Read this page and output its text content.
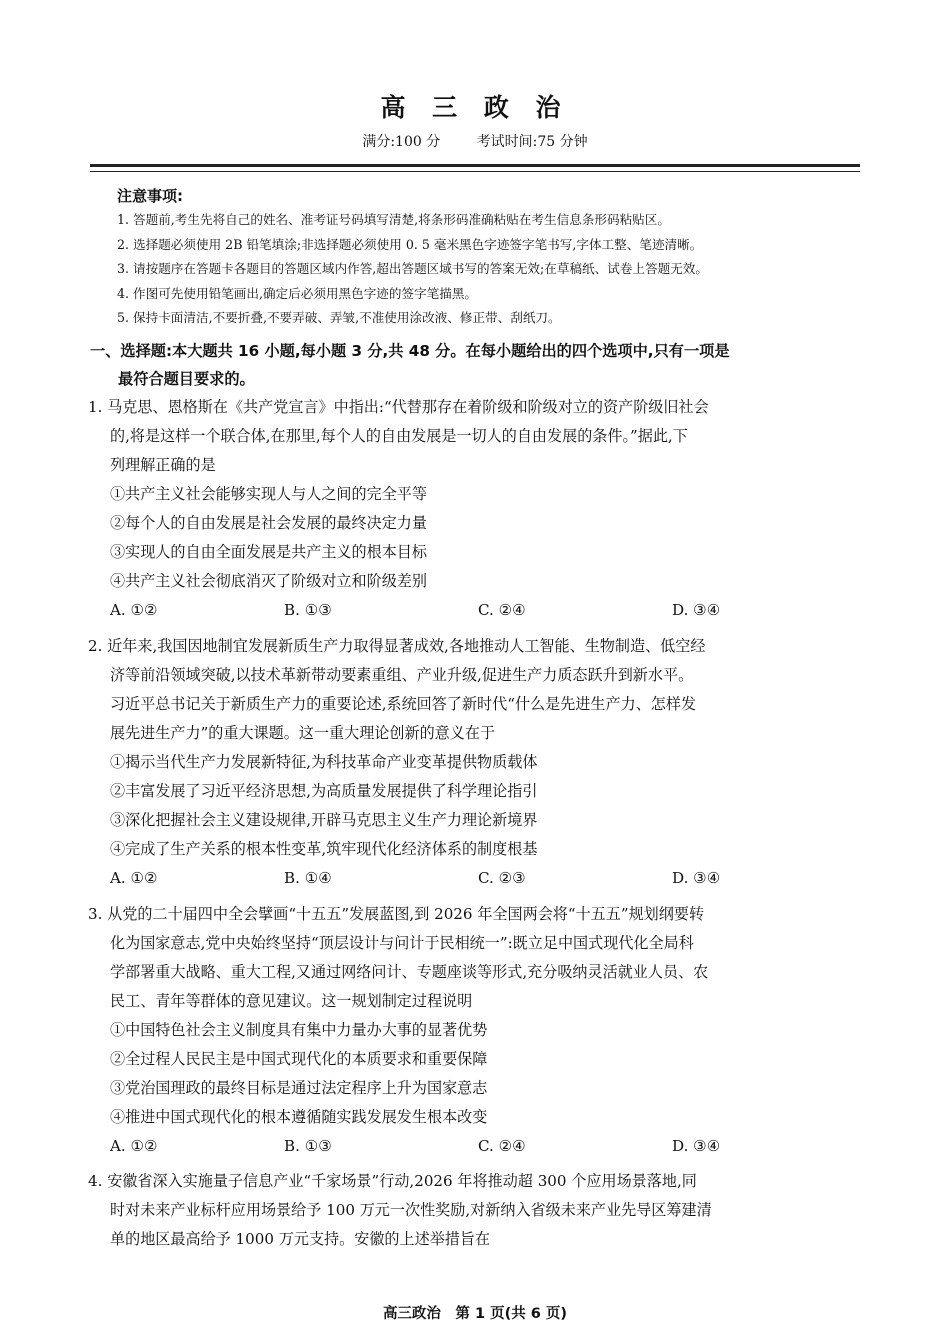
高 三 政 治
满分:100 分	考试时间:75 分钟
注意事项:
1. 答题前,考生先将自己的姓名、准考证号码填写清楚,将条形码准确粘贴在考生信息条形码粘贴区。
2. 选择题必须使用 2B 铅笔填涂;非选择题必须使用 0. 5 毫米黑色字迹签字笔书写,字体工整、笔迹清晰。
3. 请按题序在答题卡各题目的答题区域内作答,超出答题区域书写的答案无效;在草稿纸、试卷上答题无效。
4. 作图可先使用铅笔画出,确定后必须用黑色字迹的签字笔描黑。
5. 保持卡面清洁,不要折叠,不要弄破、弄皱,不准使用涂改液、修正带、刮纸刀。
一、选择题:本大题共 16 小题,每小题 3 分,共 48 分。在每小题给出的四个选项中,只有一项是
最符合题目要求的。
1. 马克思、恩格斯在《共产党宣言》中指出:“代替那存在着阶级和阶级对立的资产阶级旧社会
的,将是这样一个联合体,在那里,每个人的自由发展是一切人的自由发展的条件。”据此,下
列理解正确的是
①共产主义社会能够实现人与人之间的完全平等
②每个人的自由发展是社会发展的最终决定力量
③实现人的自由全面发展是共产主义的根本目标
④共产主义社会彻底消灭了阶级对立和阶级差别
A. ①②	B. ①③	C. ②④	D. ③④
2. 近年来,我国因地制宜发展新质生产力取得显著成效,各地推动人工智能、生物制造、低空经
济等前沿领域突破,以技术革新带动要素重组、产业升级,促进生产力质态跃升到新水平。
习近平总书记关于新质生产力的重要论述,系统回答了新时代“什么是先进生产力、怎样发
展先进生产力”的重大课题。这一重大理论创新的意义在于
①揭示当代生产力发展新特征,为科技革命产业变革提供物质载体
②丰富发展了习近平经济思想,为高质量发展提供了科学理论指引
③深化把握社会主义建设规律,开辟马克思主义生产力理论新境界
④完成了生产关系的根本性变革,筑牢现代化经济体系的制度根基
A. ①②	B. ①④	C. ②③	D. ③④
3. 从党的二十届四中全会擘画“十五五”发展蓝图,到 2026 年全国两会将“十五五”规划纲要转
化为国家意志,党中央始终坚持“顶层设计与问计于民相统一”:既立足中国式现代化全局科
学部署重大战略、重大工程,又通过网络问计、专题座谈等形式,充分吸纳灵活就业人员、农
民工、青年等群体的意见建议。这一规划制定过程说明
①中国特色社会主义制度具有集中力量办大事的显著优势
②全过程人民民主是中国式现代化的本质要求和重要保障
③党治国理政的最终目标是通过法定程序上升为国家意志
④推进中国式现代化的根本遵循随实践发展发生根本改变
A. ①②	B. ①③	C. ②④	D. ③④
4. 安徽省深入实施量子信息产业“千家场景”行动,2026 年将推动超 300 个应用场景落地,同
时对未来产业标杆应用场景给予 100 万元一次性奖励,对新纳入省级未来产业先导区筹建清
单的地区最高给予 1000 万元支持。安徽的上述举措旨在
高三政治　第 1 页(共 6 页)
